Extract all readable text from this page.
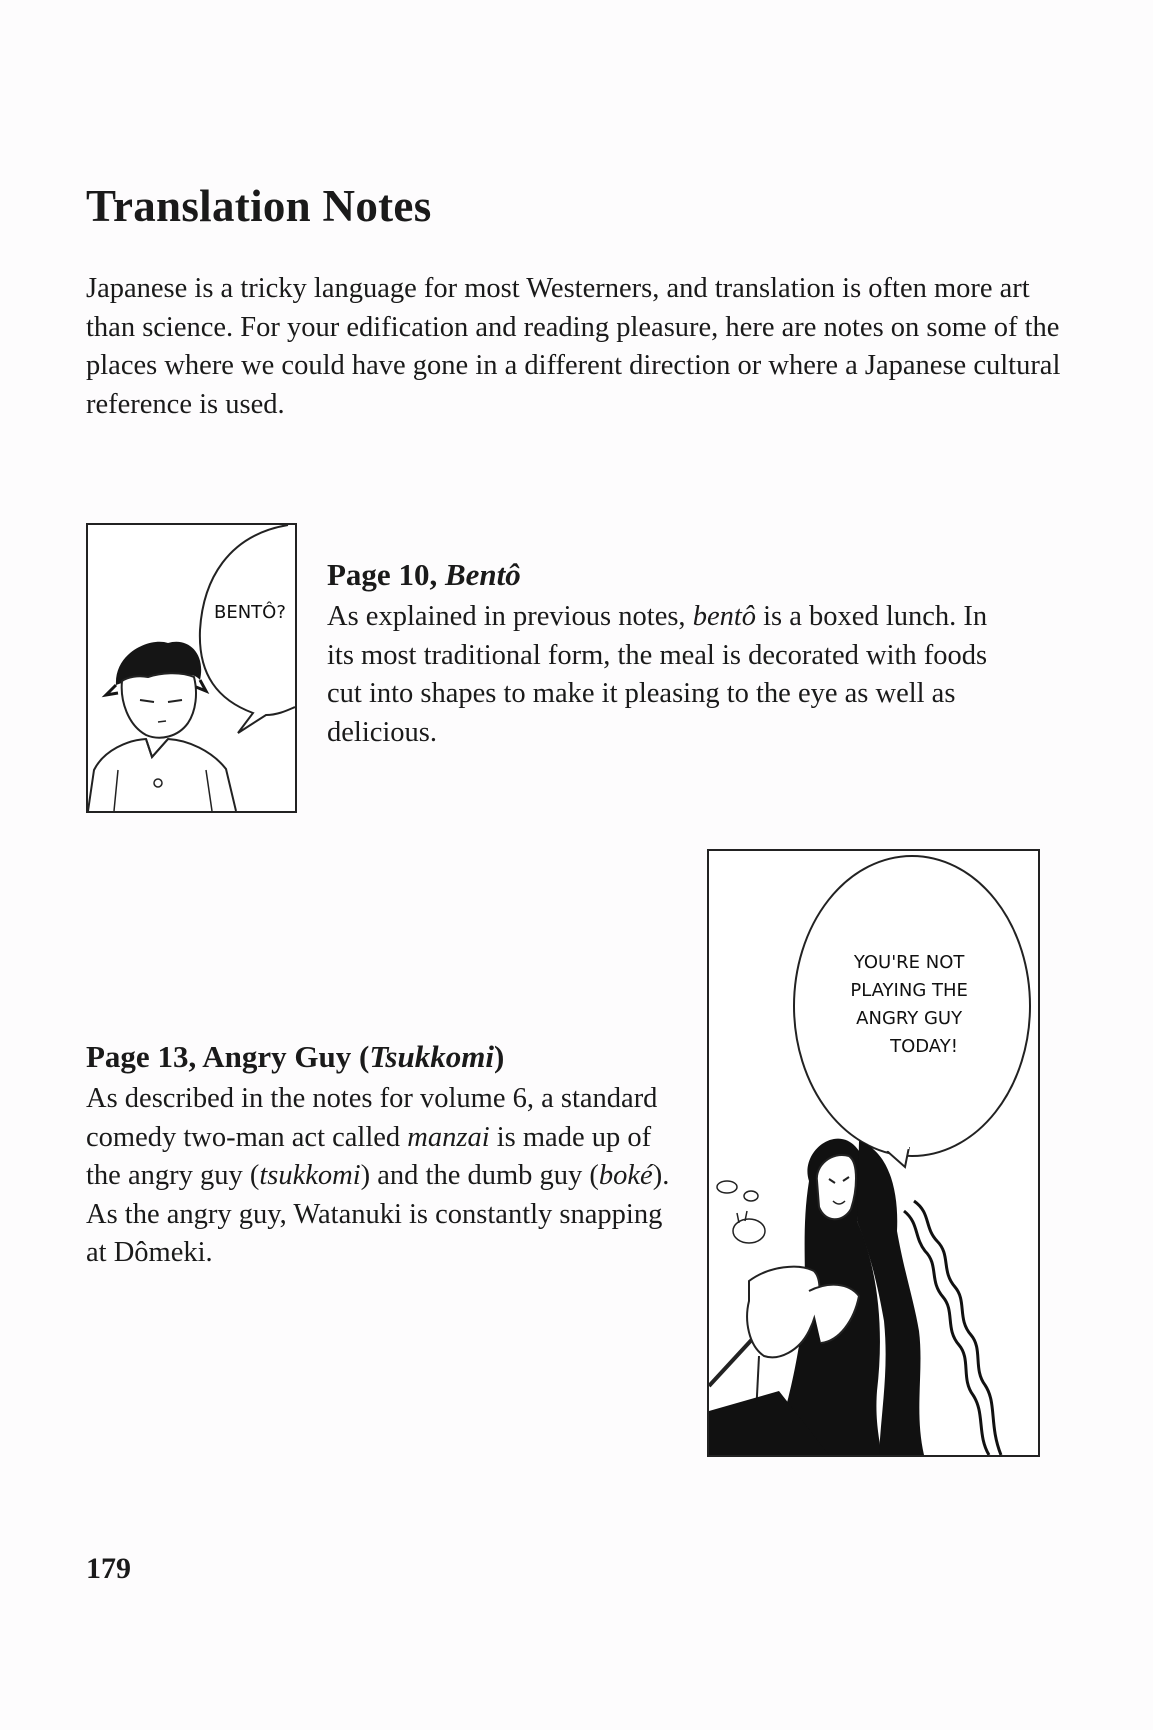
Translation Notes

Japanese is a tricky language for most Westerners, and translation is often more art than science. For your edification and reading pleasure, here are notes on some of the places where we could have gone in a different direction or where a Japanese cultural reference is used.

BENTÔ?
Page 10, Bentô

As explained in previous notes, bentô is a boxed lunch. In its most traditional form, the meal is decorated with foods cut into shapes to make it pleasing to the eye as well as delicious.

Page 13, Angry Guy (Tsukkomi)

As described in the notes for volume 6, a standard comedy two-man act called manzai is made up of the angry guy (tsukkomi) and the dumb guy (boké). As the angry guy, Watanuki is constantly snapping at Dômeki.

YOU'RE NOT PLAYING THE ANGRY GUY TODAY!
179
